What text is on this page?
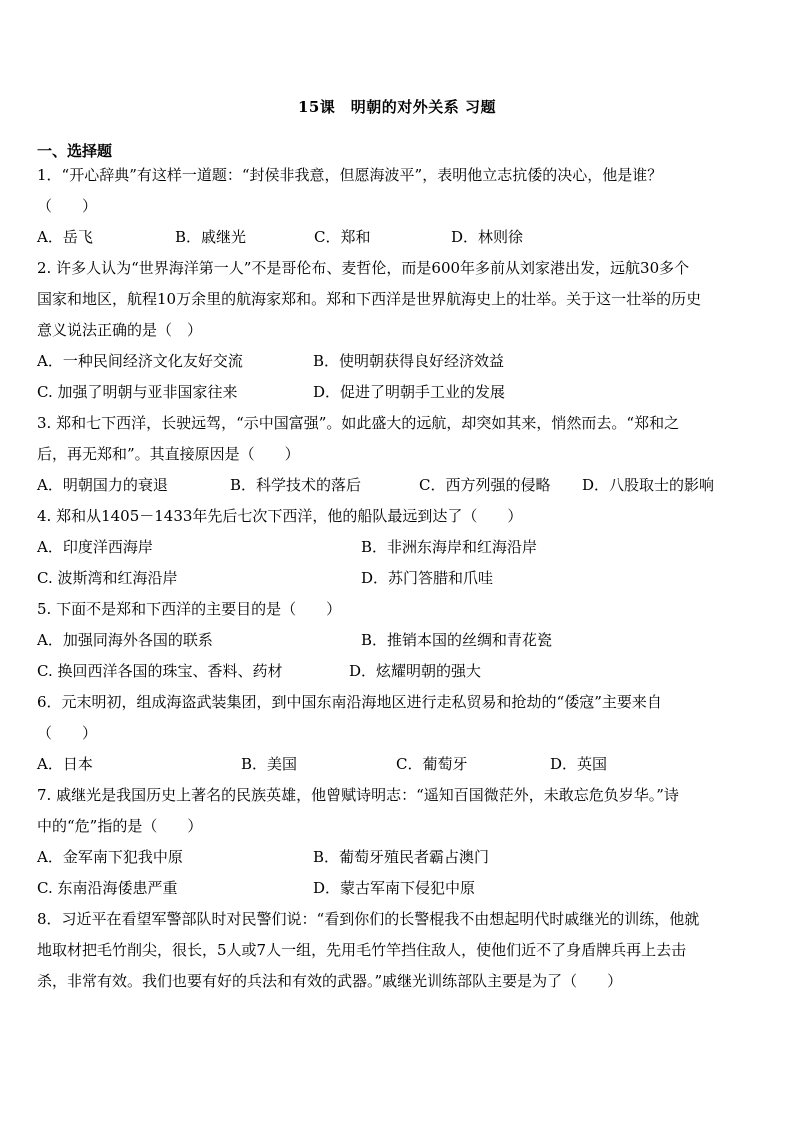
15课　明朝的对外关系 习题
一、选择题
1．“开心辞典”有这样一道题：“封侯非我意，但愿海波平”，表明他立志抗倭的决心，他是谁？
（　　）
A．岳飞	B．戚继光	C．郑和	D．林则徐
2. 许多人认为“世界海洋第一人”不是哥伦布、麦哲伦，而是600年多前从刘家港出发，远航30多个
国家和地区，航程10万余里的航海家郑和。郑和下西洋是世界航海史上的壮举。关于这一壮举的历史
意义说法正确的是（　）
A．一种民间经济文化友好交流	B．使明朝获得良好经济效益
C. 加强了明朝与亚非国家往来	D．促进了明朝手工业的发展
3. 郑和七下西洋，长驶远驾，“示中国富强”。如此盛大的远航，却突如其来，悄然而去。“郑和之
后，再无郑和”。其直接原因是（　　）
A．明朝国力的衰退	B．科学技术的落后	C．西方列强的侵略 D．八股取士的影响
4. 郑和从1405－1433年先后七次下西洋，他的船队最远到达了（　　）
A．印度洋西海岸	B．非洲东海岸和红海沿岸
C. 波斯湾和红海沿岸	D．苏门答腊和爪哇
5. 下面不是郑和下西洋的主要目的是（　　）
A．加强同海外各国的联系	B．推销本国的丝绸和青花瓷
C. 换回西洋各国的珠宝、香料、药材	D．炫耀明朝的强大
6．元末明初，组成海盗武装集团，到中国东南沿海地区进行走私贸易和抢劫的“倭寇”主要来自
（　　）
A．日本	B．美国	C．葡萄牙	D．英国
7. 戚继光是我国历史上著名的民族英雄，他曾赋诗明志：“遥知百国微茫外，未敢忘危负岁华。”诗
中的“危”指的是（　　）
A．金军南下犯我中原	B．葡萄牙殖民者霸占澳门
C. 东南沿海倭患严重	D．蒙古军南下侵犯中原
8．习近平在看望军警部队时对民警们说：“看到你们的长警棍我不由想起明代时戚继光的训练，他就
地取材把毛竹削尖，很长，5人或7人一组，先用毛竹竿挡住敌人，使他们近不了身盾牌兵再上去击
杀，非常有效。我们也要有好的兵法和有效的武器。”戚继光训练部队主要是为了（　　）
